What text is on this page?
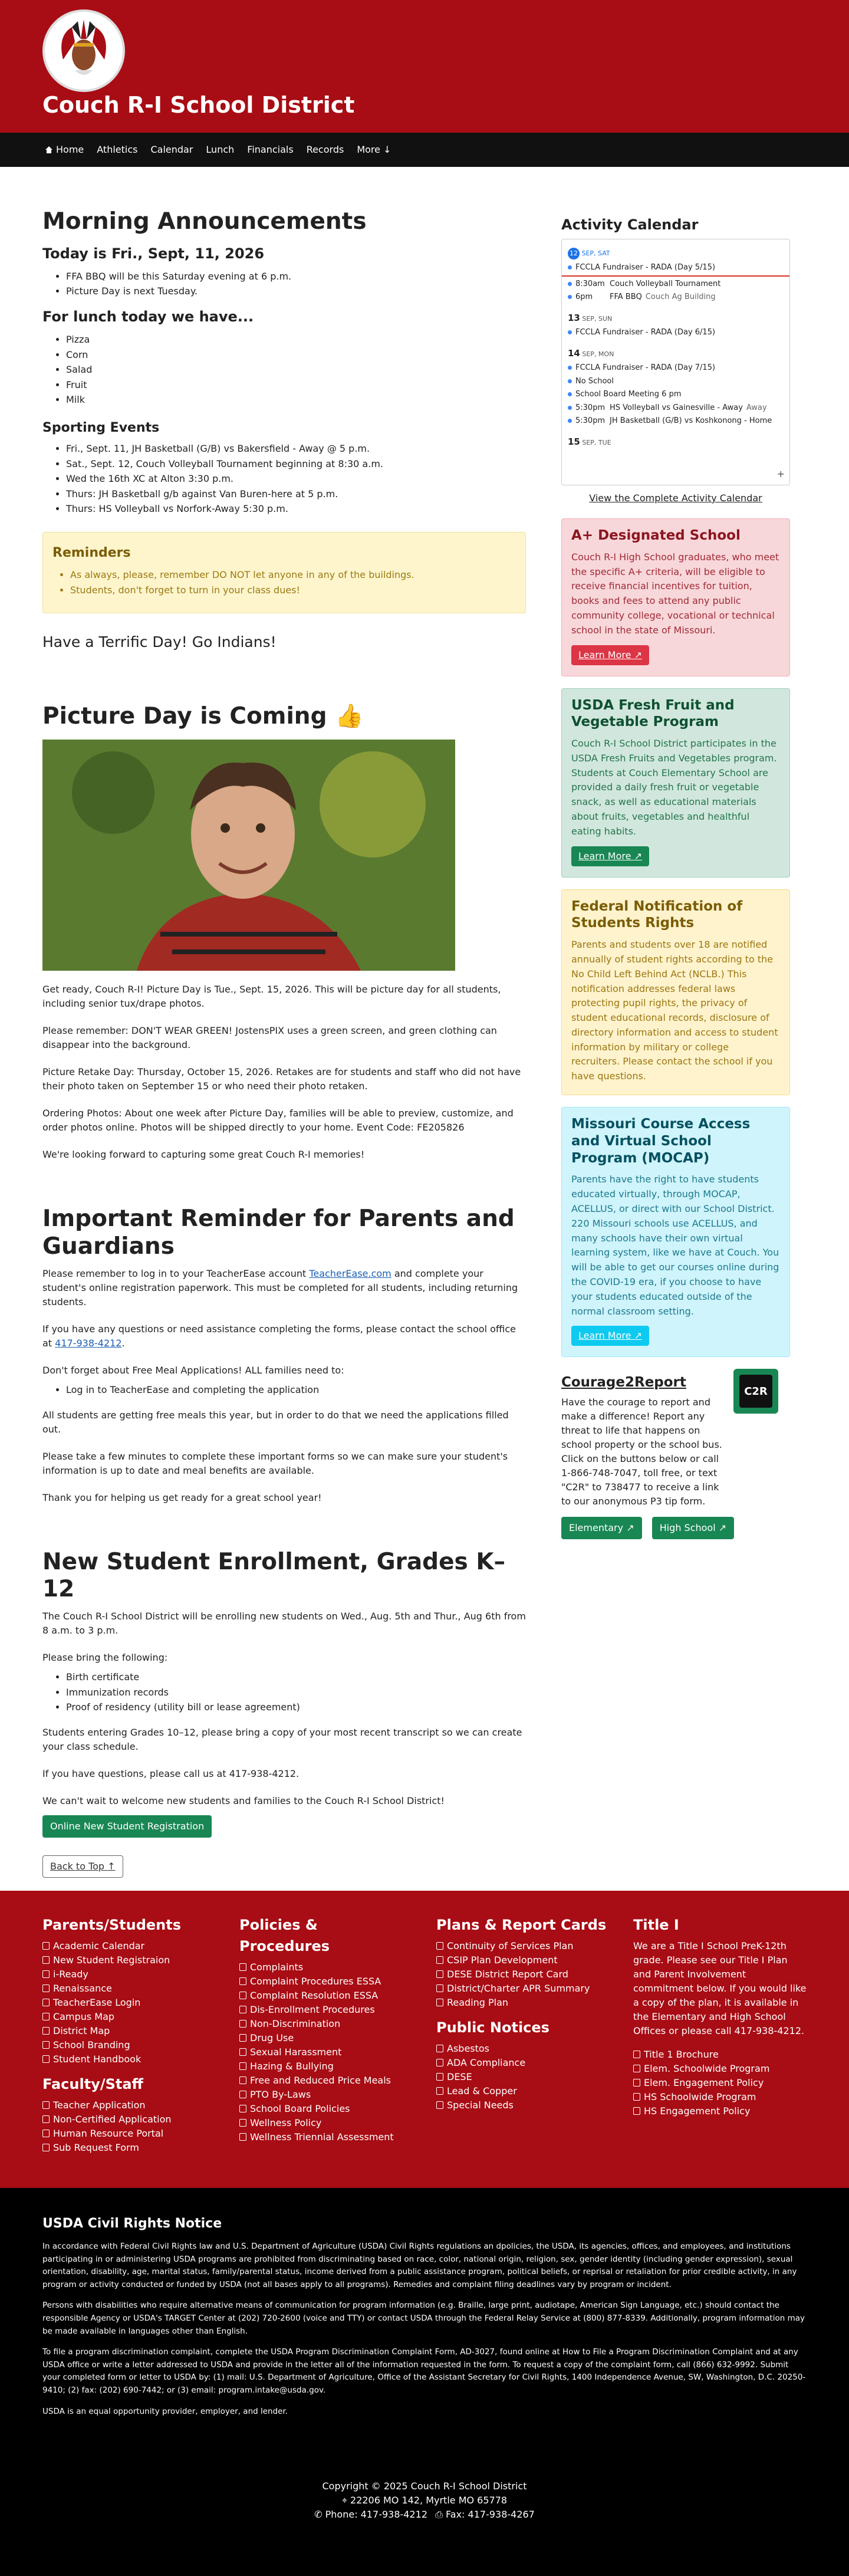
Couch R-I School District
Home Athletics Calendar Lunch Financials Records More ↓
Morning Announcements
Today is Fri., Sept, 11, 2026
• FFA BBQ will be this Saturday evening at 6 p.m.
• Picture Day is next Tuesday.
For lunch today we have...
• Pizza
• Corn
• Salad
• Fruit
• Milk
Sporting Events
• Fri., Sept. 11, JH Basketball (G/B) vs Bakersfield - Away @ 5 p.m.
• Sat., Sept. 12, Couch Volleyball Tournament beginning at 8:30 a.m.
• Wed the 16th XC at Alton 3:30 p.m.
• Thurs: JH Basketball g/b against Van Buren-here at 5 p.m.
• Thurs: HS Volleyball vs Norfork-Away 5:30 p.m.
Reminders
• As always, please, remember DO NOT let anyone in any of the buildings.
• Students, don't forget to turn in your class dues!
Have a Terrific Day! Go Indians!
Picture Day is Coming 👍

Get ready, Couch R-I! Picture Day is Tue., Sept. 15, 2026. This will be picture day for all students, including senior tux/drape photos.

Please remember: DON'T WEAR GREEN! JostensPIX uses a green screen, and green clothing can disappear into the background.

Picture Retake Day: Thursday, October 15, 2026. Retakes are for students and staff who did not have their photo taken on September 15 or who need their photo retaken.

Ordering Photos: About one week after Picture Day, families will be able to preview, customize, and order photos online. Photos will be shipped directly to your home. Event Code: FE205826

We're looking forward to capturing some great Couch R-I memories!

Important Reminder for Parents and Guardians

Please remember to log in to your TeacherEase account TeacherEase.com and complete your student's online registration paperwork. This must be completed for all students, including returning students.

If you have any questions or need assistance completing the forms, please contact the school office at 417-938-4212.

Don't forget about Free Meal Applications! ALL families need to:

• Log in to TeacherEase and completing the application

All students are getting free meals this year, but in order to do that we need the applications filled out.

Please take a few minutes to complete these important forms so we can make sure your student's information is up to date and meal benefits are available.

Thank you for helping us get ready for a great school year!

New Student Enrollment, Grades K–12

The Couch R-I School District will be enrolling new students on Wed., Aug. 5th and Thur., Aug 6th from 8 a.m. to 3 p.m.

Please bring the following:

• Birth certificate
• Immunization records
• Proof of residency (utility bill or lease agreement)

Students entering Grades 10–12, please bring a copy of your most recent transcript so we can create your class schedule.

If you have questions, please call us at 417-938-4212.

We can't wait to welcome new students and families to the Couch R-I School District!

Online New Student Registration
Activity Calendar
12 SEP, SAT
FCCLA Fundraiser - RADA (Day 5/15)
8:30am Couch Volleyball Tournament
6pm	FFA BBQ Couch Ag Building
13 SEP, SUN
FCCLA Fundraiser - RADA (Day 6/15)
14 SEP, MON
FCCLA Fundraiser - RADA (Day 7/15)
No School
School Board Meeting 6 pm
5:30pm HS Volleyball vs Gainesville - Away Away
5:30pm JH Basketball (G/B) vs Koshkonong - Home
15 SEP, TUE
+
View the Complete Activity Calendar
A+ Designated School

Couch R-I High School graduates, who meet the specific A+ criteria, will be eligible to receive financial incentives for tuition, books and fees to attend any public community college, vocational or technical school in the state of Missouri.

Learn More ↗
USDA Fresh Fruit and Vegetable Program

Couch R-I School District participates in the USDA Fresh Fruits and Vegetables program. Students at Couch Elementary School are provided a daily fresh fruit or vegetable snack, as well as educational materials about fruits, vegetables and healthful eating habits.

Learn More ↗
Federal Notification of Students Rights

Parents and students over 18 are notified annually of student rights according to the No Child Left Behind Act (NCLB.) This notification addresses federal laws protecting pupil rights, the privacy of student educational records, disclosure of directory information and access to student information by military or college recruiters. Please contact the school if you have questions.

Missouri Course Access and Virtual School Program (MOCAP)

Parents have the right to have students educated virtually, through MOCAP, ACELLUS, or direct with our School District. 220 Missouri schools use ACELLUS, and many schools have their own virtual learning system, like we have at Couch. You will be able to get our courses online during the COVID-19 era, if you choose to have your students educated outside of the normal classroom setting.

Learn More ↗
Courage2Report
C2R

Have the courage to report and make a difference! Report any threat to life that happens on school property or the school bus. Click on the buttons below or call 1-866-748-7047, toll free, or text "C2R" to 738477 to receive a link to our anonymous P3 tip form.

Elementary ↗	High School ↗
Back to Top ↑
Parents/Students
Academic Calendar
New Student Registraion
i-Ready
Renaissance
TeacherEase Login
Campus Map
District Map
School Branding
Student Handbook
Faculty/Staff
Teacher Application
Non-Certified Application
Human Resource Portal
Sub Request Form
Policies & Procedures
Complaints
Complaint Procedures ESSA
Complaint Resolution ESSA
Dis-Enrollment Procedures
Non-Discrimination
Drug Use
Sexual Harassment
Hazing & Bullying
Free and Reduced Price Meals
PTO By-Laws
School Board Policies
Wellness Policy
Wellness Triennial Assessment
Plans & Report Cards
Continuity of Services Plan
CSIP Plan Development
DESE District Report Card
District/Charter APR Summary
Reading Plan
Public Notices
Asbestos
ADA Compliance
DESE
Lead & Copper
Special Needs
Title I

We are a Title I School PreK-12th grade. Please see our Title I Plan and Parent Involvement commitment below. If you would like a copy of the plan, it is available in the Elementary and High School Offices or please call 417-938-4212.

Title 1 Brochure
Elem. Schoolwide Program
Elem. Engagement Policy
HS Schoolwide Program
HS Engagement Policy
USDA Civil Rights Notice

In accordance with Federal Civil Rights law and U.S. Department of Agriculture (USDA) Civil Rights regulations an dpolicies, the USDA, its agencies, offices, and employees, and institutions participating in or administering USDA programs are prohibited from discriminating based on race, color, national origin, religion, sex, gender identity (including gender expression), sexual orientation, disability, age, marital status, family/parental status, income derived from a public assistance program, political beliefs, or reprisal or retaliation for prior credible activity, in any program or activity conducted or funded by USDA (not all bases apply to all programs). Remedies and complaint filing deadlines vary by program or incident.

Persons with disabilities who require alternative means of communication for program information (e.g. Braille, large print, audiotape, American Sign Language, etc.) should contact the responsible Agency or USDA's TARGET Center at (202) 720-2600 (voice and TTY) or contact USDA through the Federal Relay Service at (800) 877-8339. Additionally, program information may be made available in languages other than English.

To file a program discrimination complaint, complete the USDA Program Discrimination Complaint Form, AD-3027, found online at How to File a Program Discrimination Complaint and at any USDA office or write a letter addressed to USDA and provide in the letter all of the information requested in the form. To request a copy of the complaint form, call (866) 632-9992. Submit your completed form or letter to USDA by: (1) mail: U.S. Department of Agriculture, Office of the Assistant Secretary for Civil Rights, 1400 Independence Avenue, SW, Washington, D.C. 20250-9410; (2) fax: (202) 690-7442; or (3) email: program.intake@usda.gov.

USDA is an equal opportunity provider, employer, and lender.

Copyright © 2025 Couch R-I School District
⌖ 22206 MO 142, Myrtle MO 65778
✆ Phone: 417-938-4212 ⎙ Fax: 417-938-4267
